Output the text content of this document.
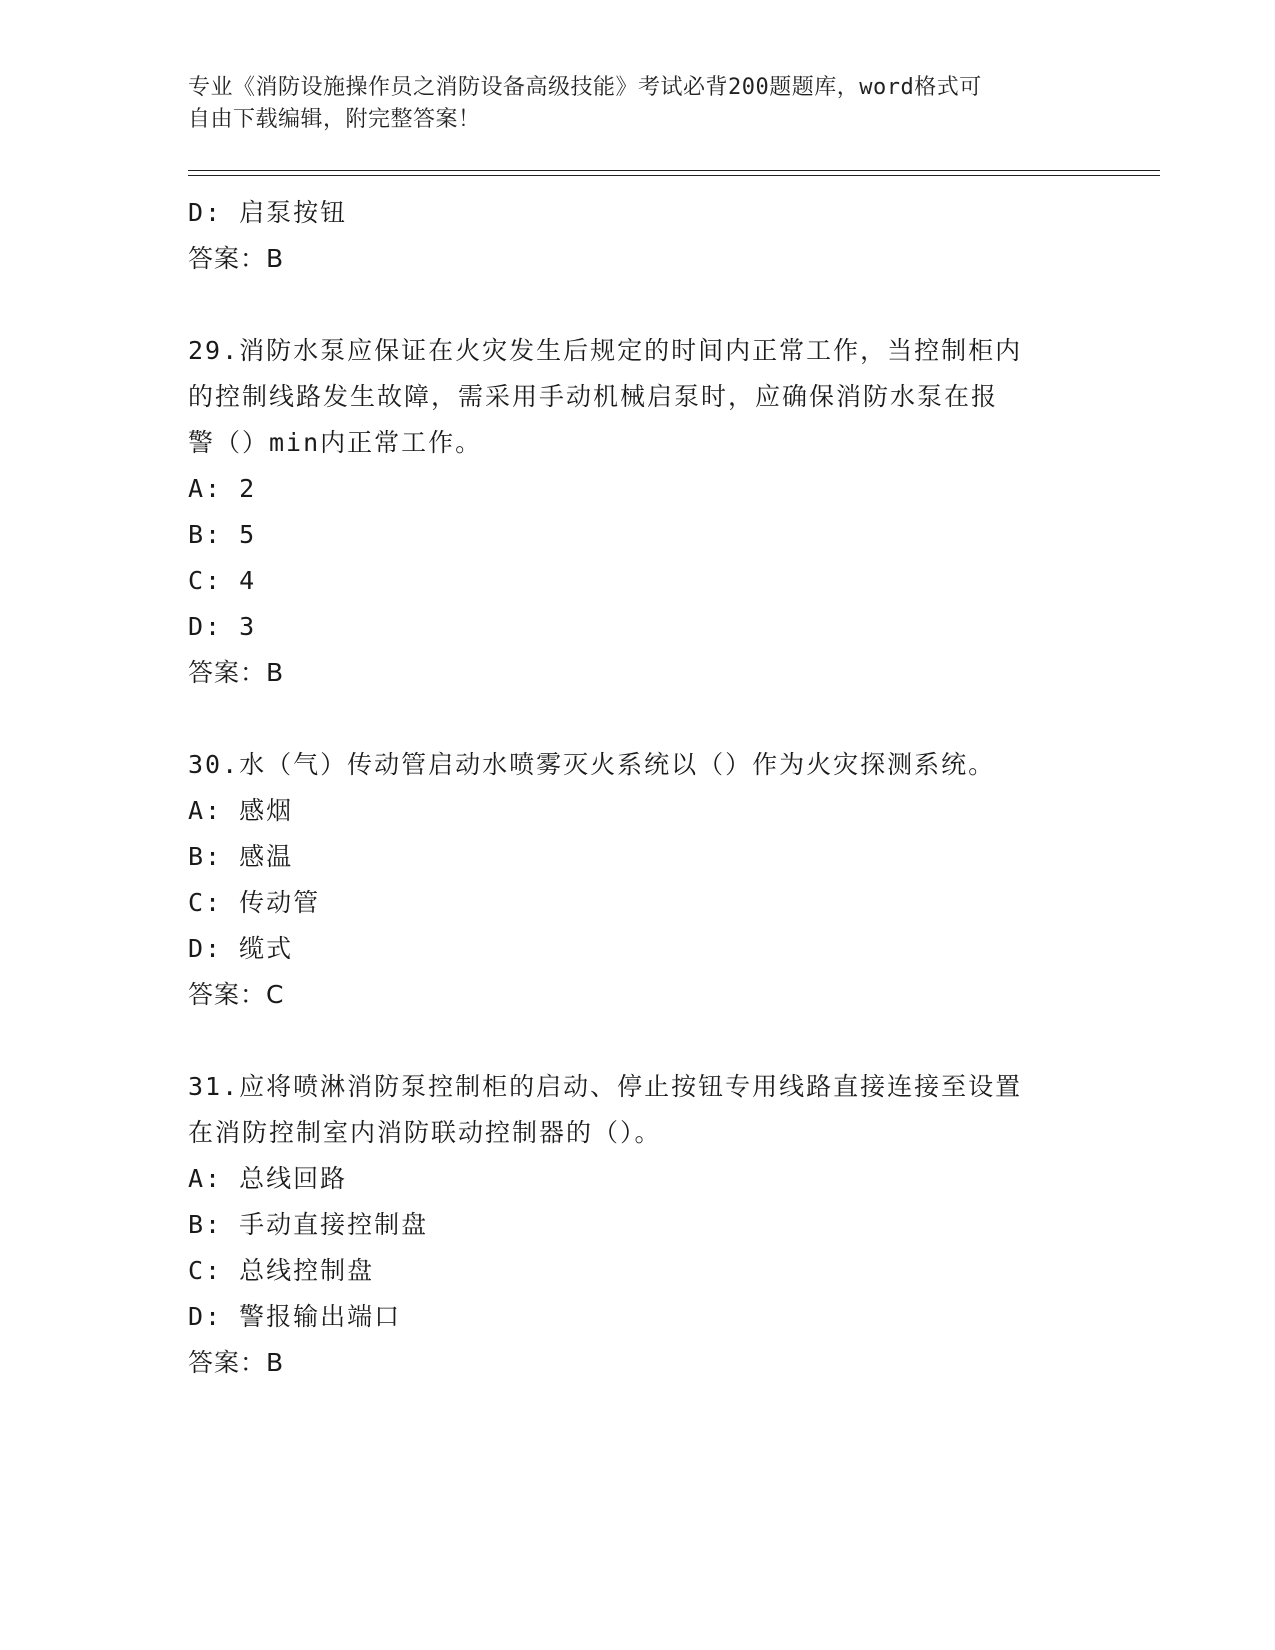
专业《消防设施操作员之消防设备高级技能》考试必背200题题库，word格式可
自由下载编辑，附完整答案！
D: 启泵按钮
答案：B
29.消防水泵应保证在火灾发生后规定的时间内正常工作，当控制柜内
的控制线路发生故障，需采用手动机械启泵时，应确保消防水泵在报
警（）min内正常工作。
A: 2
B: 5
C: 4
D: 3
答案：B
30.水（气）传动管启动水喷雾灭火系统以（）作为火灾探测系统。
A: 感烟
B: 感温
C: 传动管
D: 缆式
答案：C
31.应将喷淋消防泵控制柜的启动、停止按钮专用线路直接连接至设置
在消防控制室内消防联动控制器的（）。
A: 总线回路
B: 手动直接控制盘
C: 总线控制盘
D: 警报输出端口
答案：B
